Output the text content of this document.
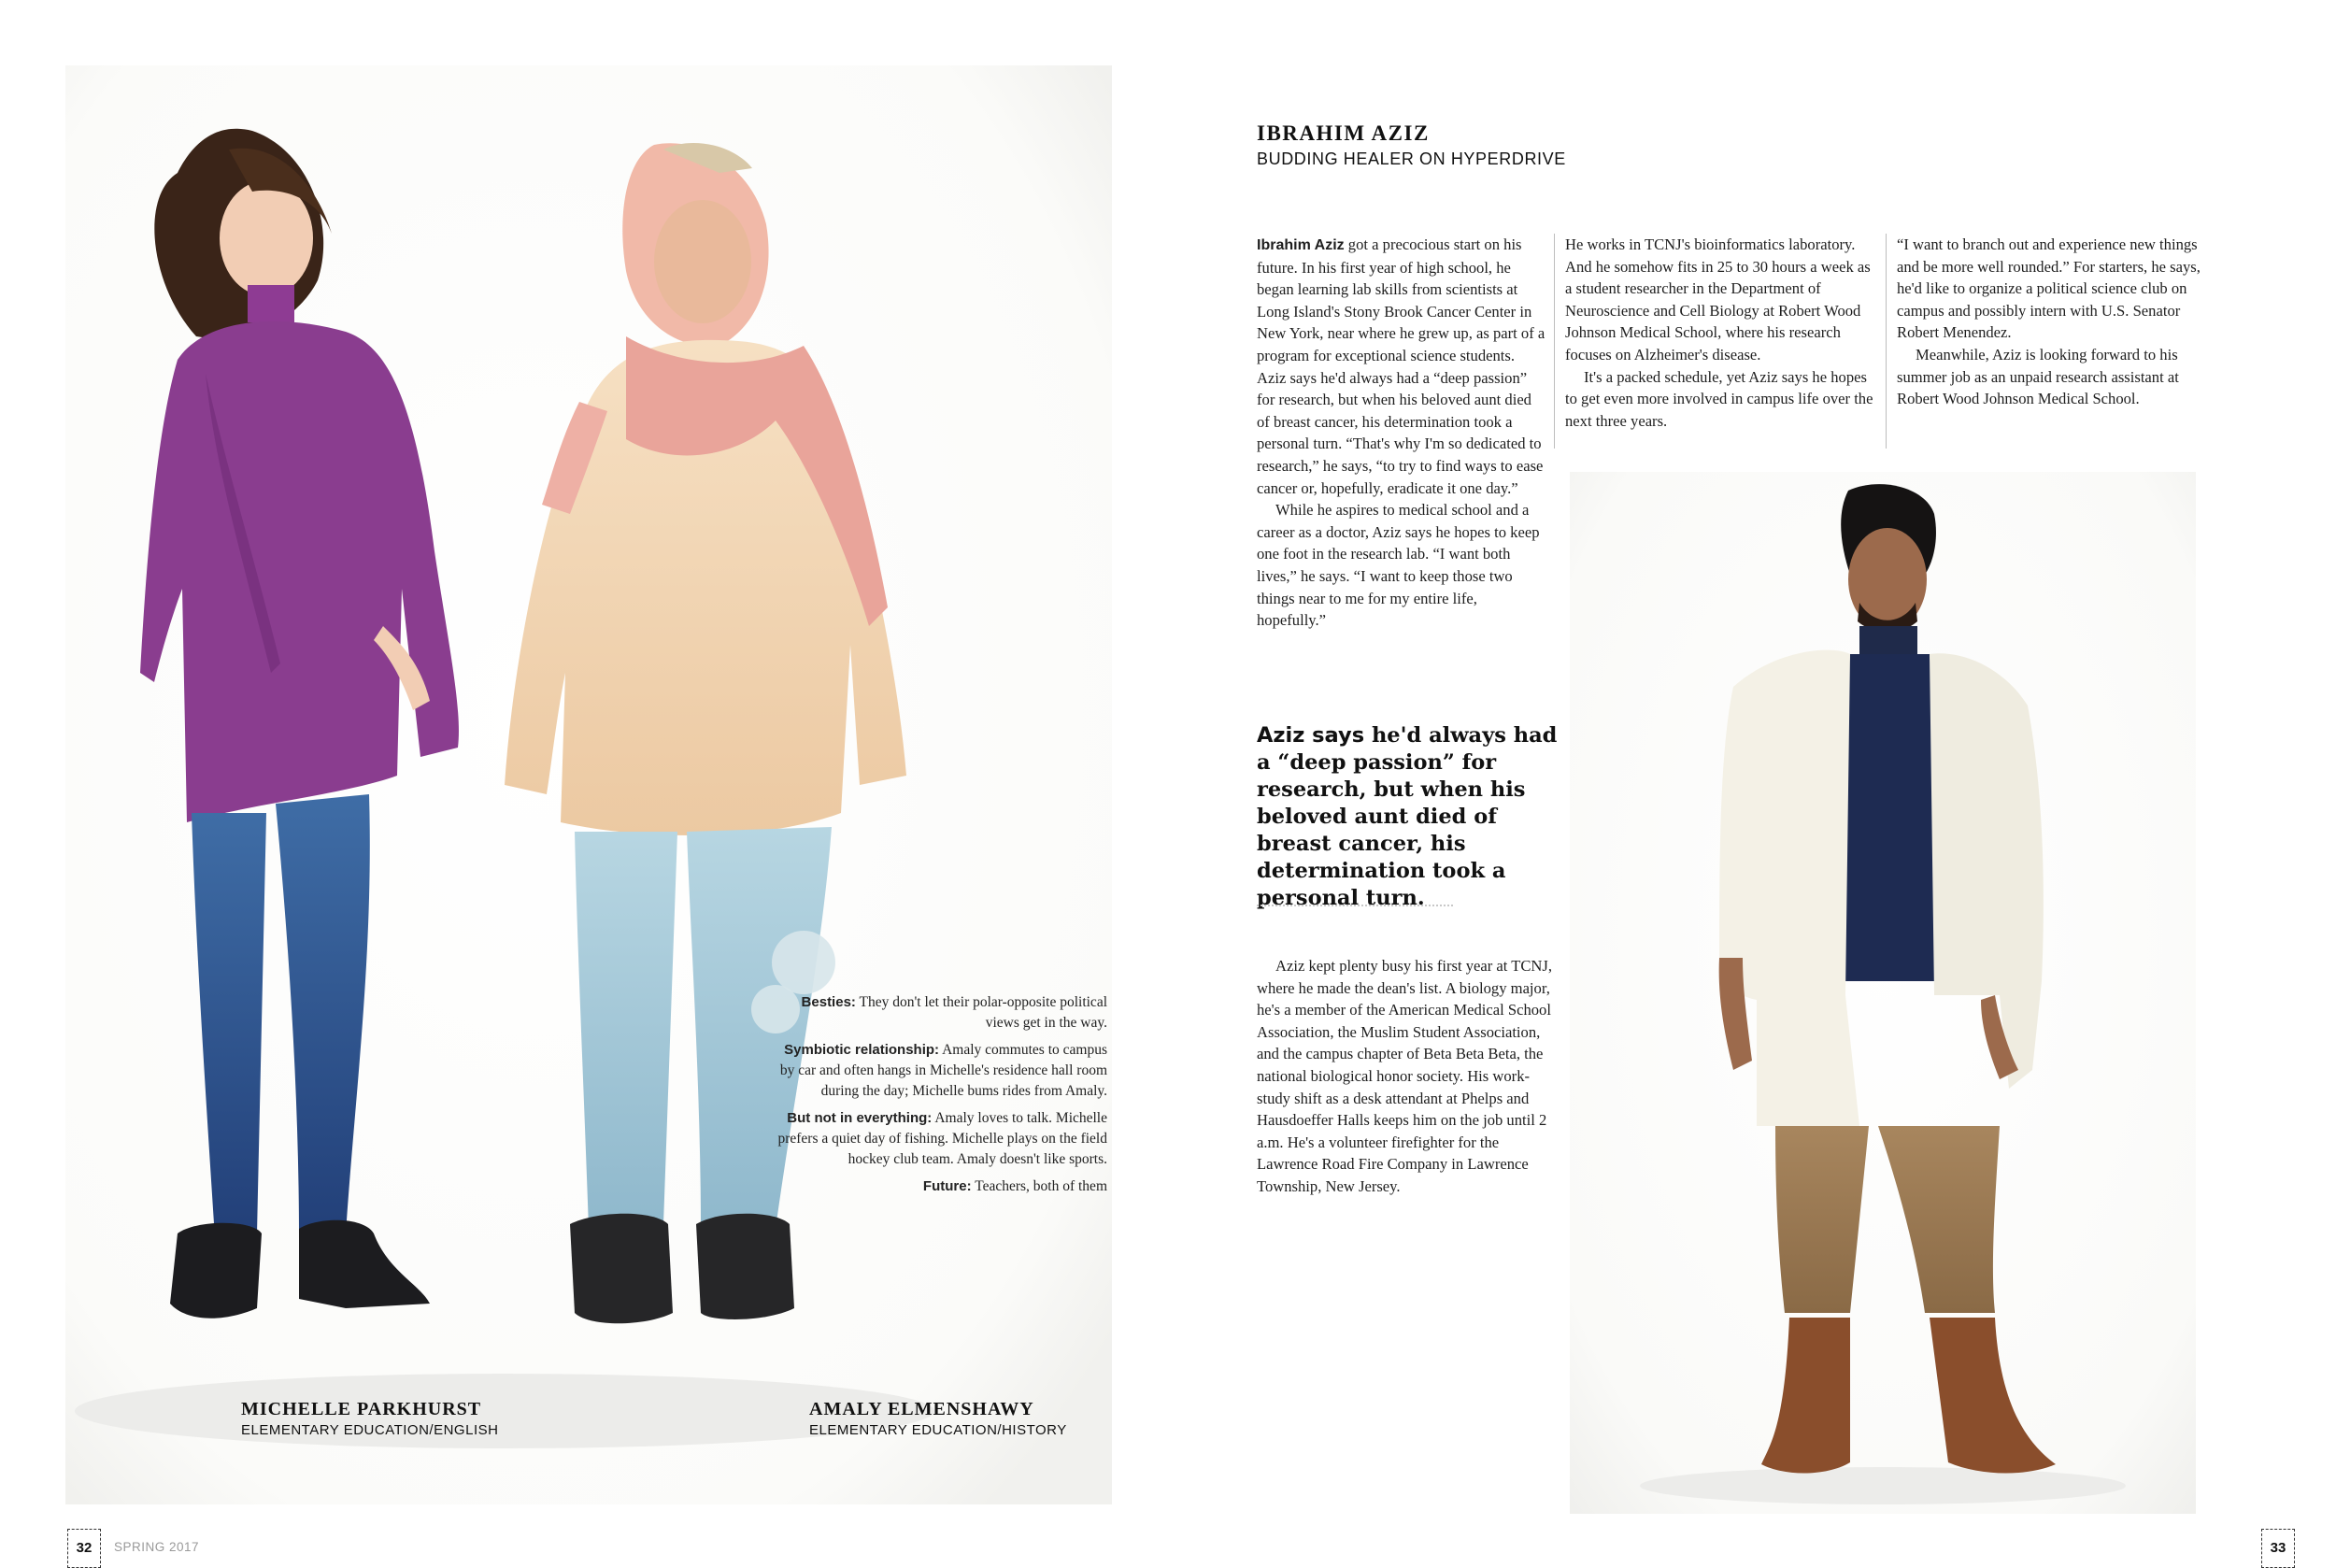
MICHELLE PARKHURST
ELEMENTARY EDUCATION/ENGLISH
AMALY ELMENSHAWY
ELEMENTARY EDUCATION/HISTORY

Besties: They don't let their polar-opposite political views get in the way.

Symbiotic relationship: Amaly commutes to campus by car and often hangs in Michelle's residence hall room during the day; Michelle bums rides from Amaly.

But not in everything: Amaly loves to talk. Michelle prefers a quiet day of fishing. Michelle plays on the field hockey club team. Amaly doesn't like sports.

Future: Teachers, both of them

IBRAHIM AZIZ
BUDDING HEALER ON HYPERDRIVE

Ibrahim Aziz got a precocious start on his future. In his first year of high school, he began learning lab skills from scientists at Long Island's Stony Brook Cancer Center in New York, near where he grew up, as part of a program for exceptional science students. Aziz says he'd always had a “deep passion” for research, but when his beloved aunt died of breast cancer, his determination took a personal turn. “That's why I'm so dedicated to research,” he says, “to try to find ways to ease cancer or, hopefully, eradicate it one day.”

While he aspires to medical school and a career as a doctor, Aziz says he hopes to keep one foot in the research lab. “I want both lives,” he says. “I want to keep those two things near to me for my entire life, hopefully.”

He works in TCNJ's bioinformatics laboratory. And he somehow fits in 25 to 30 hours a week as a student researcher in the Department of Neuroscience and Cell Biology at Robert Wood Johnson Medical School, where his research focuses on Alzheimer's disease.

It's a packed schedule, yet Aziz says he hopes to get even more involved in campus life over the next three years.

“I want to branch out and experience new things and be more well rounded.” For starters, he says, he'd like to organize a political science club on campus and possibly intern with U.S. Senator Robert Menendez.

Meanwhile, Aziz is looking forward to his summer job as an unpaid research assistant at Robert Wood Johnson Medical School.

Aziz says he'd always had a “deep passion” for research, but when his beloved aunt died of breast cancer, his determination took a personal turn.

Aziz kept plenty busy his first year at TCNJ, where he made the dean's list. A biology major, he's a member of the American Medical School Association, the Muslim Student Association, and the campus chapter of Beta Beta Beta, the national biological honor society. His work-study shift as a desk attendant at Phelps and Hausdoeffer Halls keeps him on the job until 2 a.m. He's a volunteer firefighter for the Lawrence Road Fire Company in Lawrence Township, New Jersey.

32	SPRING 2017	33
